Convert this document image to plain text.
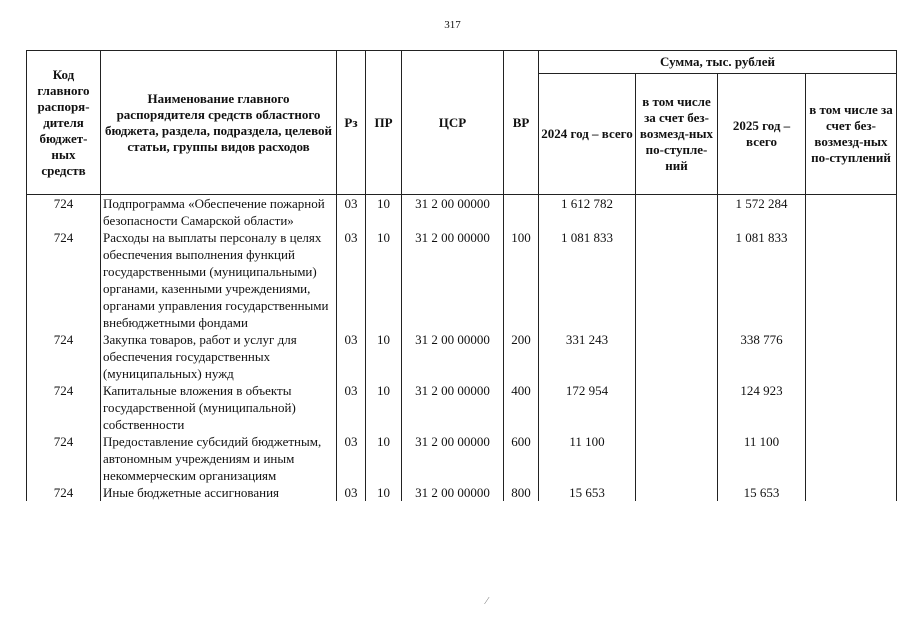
317
Код главного распоря-дителя бюджет-ных средств	Наименование главного распорядителя средств областного бюджета, раздела, подраздела, целевой статьи, группы видов расходов	Рз	ПР	ЦСР	ВР	Сумма, тыс. рублей			
						2024 год – всего	в том числе за счет без-возмезд-ных по-ступле-ний	2025 год – всего	в том числе за счет без-возмезд-ных по-ступлений
724	Подпрограмма «Обеспечение пожарной безопасности Самарской области»	03	10	31 2 00 00000		1 612 782		1 572 284	
724	Расходы на выплаты персоналу в целях обеспечения выполнения функций государственными (муниципальными) органами, казенными учреждениями, органами управления государственными внебюджетными фондами	03	10	31 2 00 00000	100	1 081 833		1 081 833	
724	Закупка товаров, работ и услуг для обеспечения государственных (муниципальных) нужд	03	10	31 2 00 00000	200	331 243		338 776	
724	Капитальные вложения в объекты государственной (муниципальной) собственности	03	10	31 2 00 00000	400	172 954		124 923	
724	Предоставление субсидий бюджетным, автономным учреждениям и иным некоммерческим организациям	03	10	31 2 00 00000	600	11 100		11 100	
724	Иные бюджетные ассигнования	03	10	31 2 00 00000	800	15 653		15 653	
⁄
